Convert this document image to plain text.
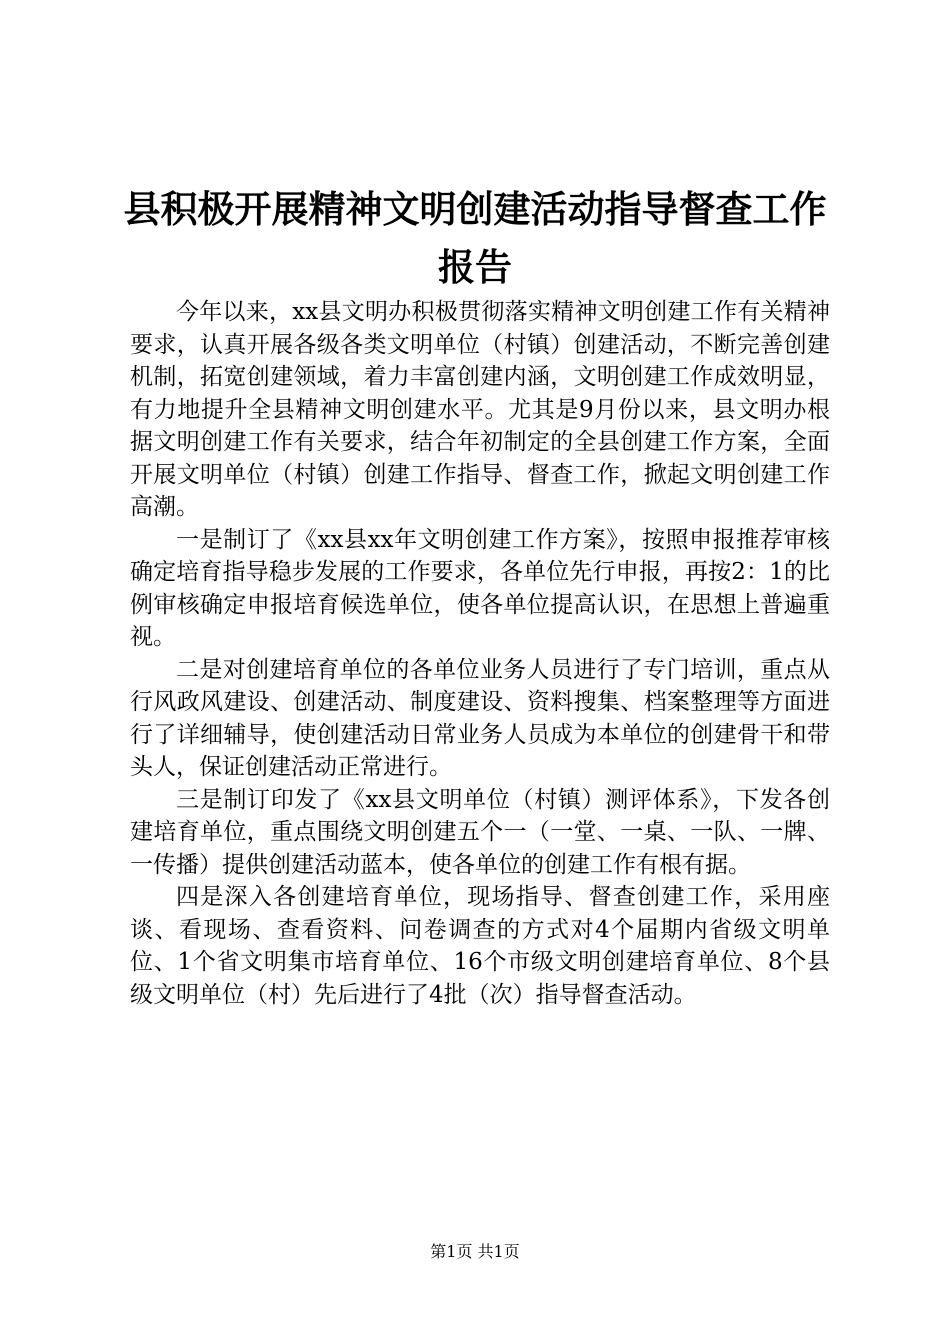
县积极开展精神文明创建活动指导督查工作报告

今年以来，xx县文明办积极贯彻落实精神文明创建工作有关精神要求，认真开展各级各类文明单位（村镇）创建活动，不断完善创建机制，拓宽创建领域，着力丰富创建内涵，文明创建工作成效明显，有力地提升全县精神文明创建水平。尤其是9月份以来，县文明办根据文明创建工作有关要求，结合年初制定的全县创建工作方案，全面开展文明单位（村镇）创建工作指导、督查工作，掀起文明创建工作高潮。

一是制订了《xx县xx年文明创建工作方案》，按照申报推荐审核确定培育指导稳步发展的工作要求，各单位先行申报，再按2：1的比例审核确定申报培育候选单位，使各单位提高认识，在思想上普遍重视。

二是对创建培育单位的各单位业务人员进行了专门培训，重点从行风政风建设、创建活动、制度建设、资料搜集、档案整理等方面进行了详细辅导，使创建活动日常业务人员成为本单位的创建骨干和带头人，保证创建活动正常进行。

三是制订印发了《xx县文明单位（村镇）测评体系》，下发各创建培育单位，重点围绕文明创建五个一（一堂、一桌、一队、一牌、一传播）提供创建活动蓝本，使各单位的创建工作有根有据。

四是深入各创建培育单位，现场指导、督查创建工作，采用座谈、看现场、查看资料、问卷调查的方式对4个届期内省级文明单位、1个省文明集市培育单位、16个市级文明创建培育单位、8个县级文明单位（村）先后进行了4批（次）指导督查活动。

第1页 共1页
